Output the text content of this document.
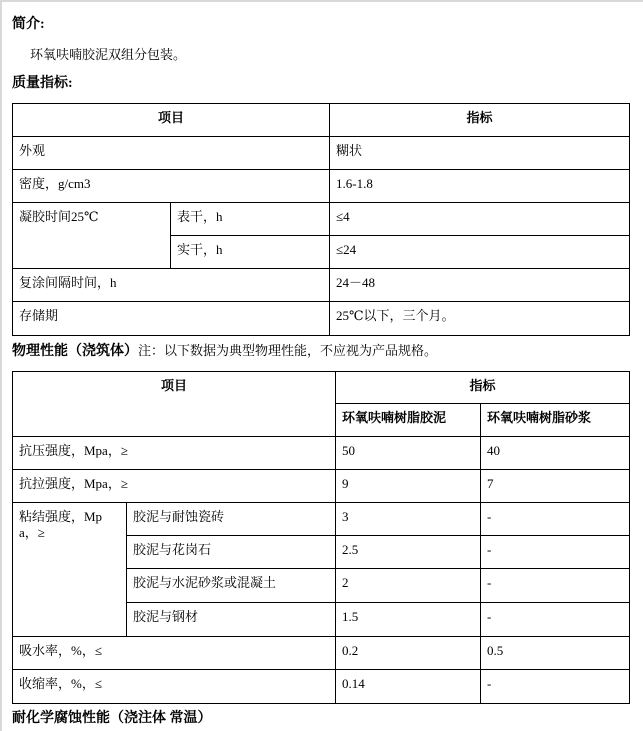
简介:

环氧呋喃胶泥双组分包装。

质量指标:
项目		指标
外观		糊状
密度，g/cm3		1.6-1.8
凝胶时间25℃	表干，h	≤4
	实干，h	≤24
复涂间隔时间，h		24－48
存储期		25℃以下，三个月。

物理性能（浇筑体）注：以下数据为典型物理性能，不应视为产品规格。

项目		指标	
		环氧呋喃树脂胶泥	环氧呋喃树脂砂浆
抗压强度，Mpa，≥		50	40
抗拉强度，Mpa，≥		9	7
粘结强度，Mpa，≥	胶泥与耐蚀瓷砖	3	-
	胶泥与花岗石	2.5	-
	胶泥与水泥砂浆或混凝土	2	-
	胶泥与钢材	1.5	-
吸水率，%，≤		0.2	0.5
收缩率，%，≤		0.14	-
耐化学腐蚀性能（浇注体 常温）
